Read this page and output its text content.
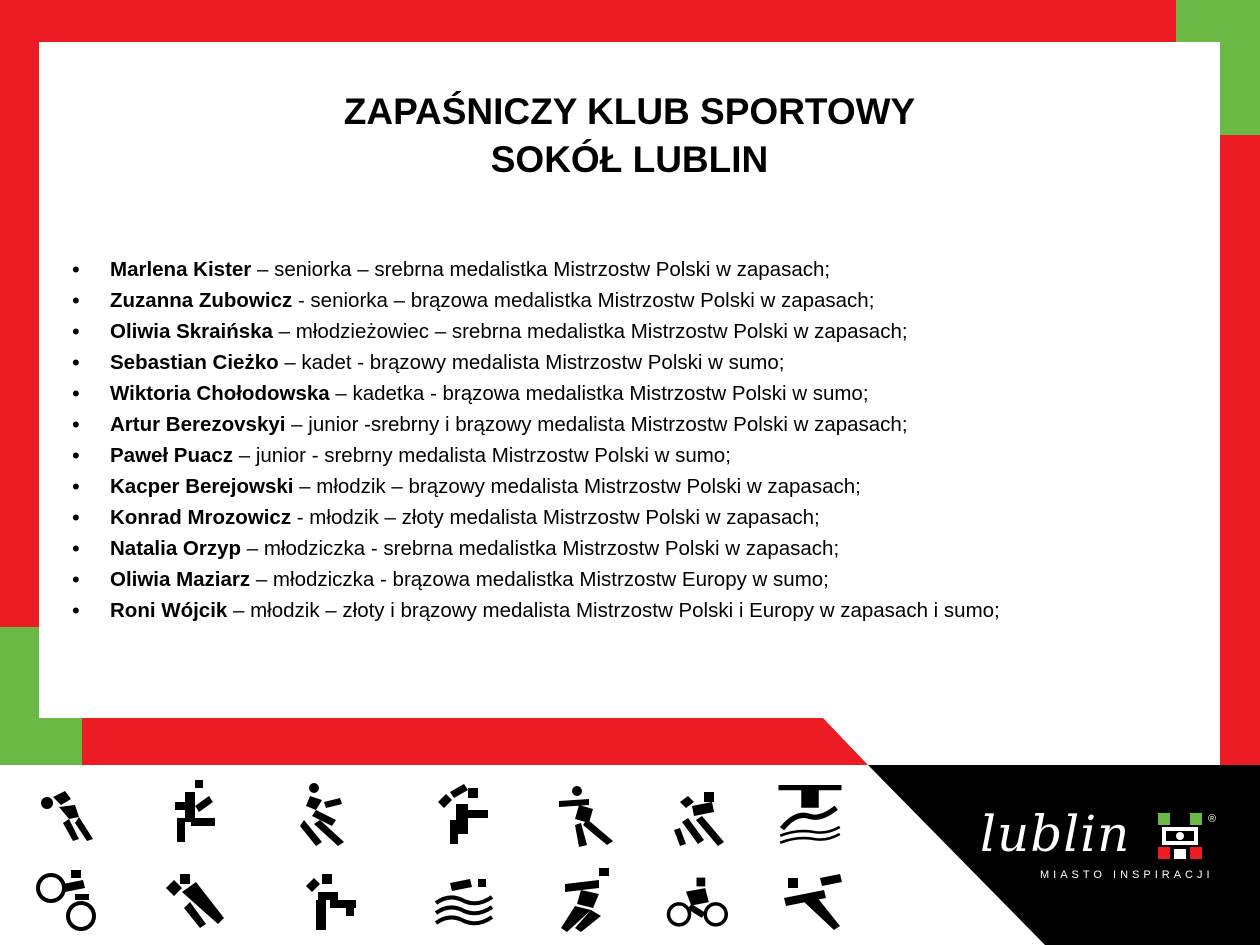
ZAPAŚNICZY KLUB SPORTOWY
SOKÓŁ LUBLIN
• Marlena Kister – seniorka – srebrna medalistka Mistrzostw Polski w zapasach;
• Zuzanna Zubowicz - seniorka – brązowa medalistka Mistrzostw Polski w zapasach;
• Oliwia Skraińska – młodzieżowiec – srebrna medalistka Mistrzostw Polski w zapasach;
• Sebastian Cieżko – kadet - brązowy medalista Mistrzostw Polski w sumo;
• Wiktoria Chołodowska – kadetka - brązowa medalistka Mistrzostw Polski w sumo;
• Artur Berezovskyi – junior -srebrny i brązowy medalista Mistrzostw Polski w zapasach;
• Paweł Puacz – junior - srebrny medalista Mistrzostw Polski w sumo;
• Kacper Berejowski – młodzik – brązowy medalista Mistrzostw Polski w zapasach;
• Konrad Mrozowicz - młodzik – złoty medalista Mistrzostw Polski w zapasach;
• Natalia Orzyp – młodziczka - srebrna medalistka Mistrzostw Polski w zapasach;
• Oliwia Maziarz – młodziczka - brązowa medalistka Mistrzostw Europy w sumo;
• Roni Wójcik – młodzik – złoty i brązowy medalista Mistrzostw Polski i Europy w zapasach i sumo;
lublin	®
MIASTO INSPIRACJI
